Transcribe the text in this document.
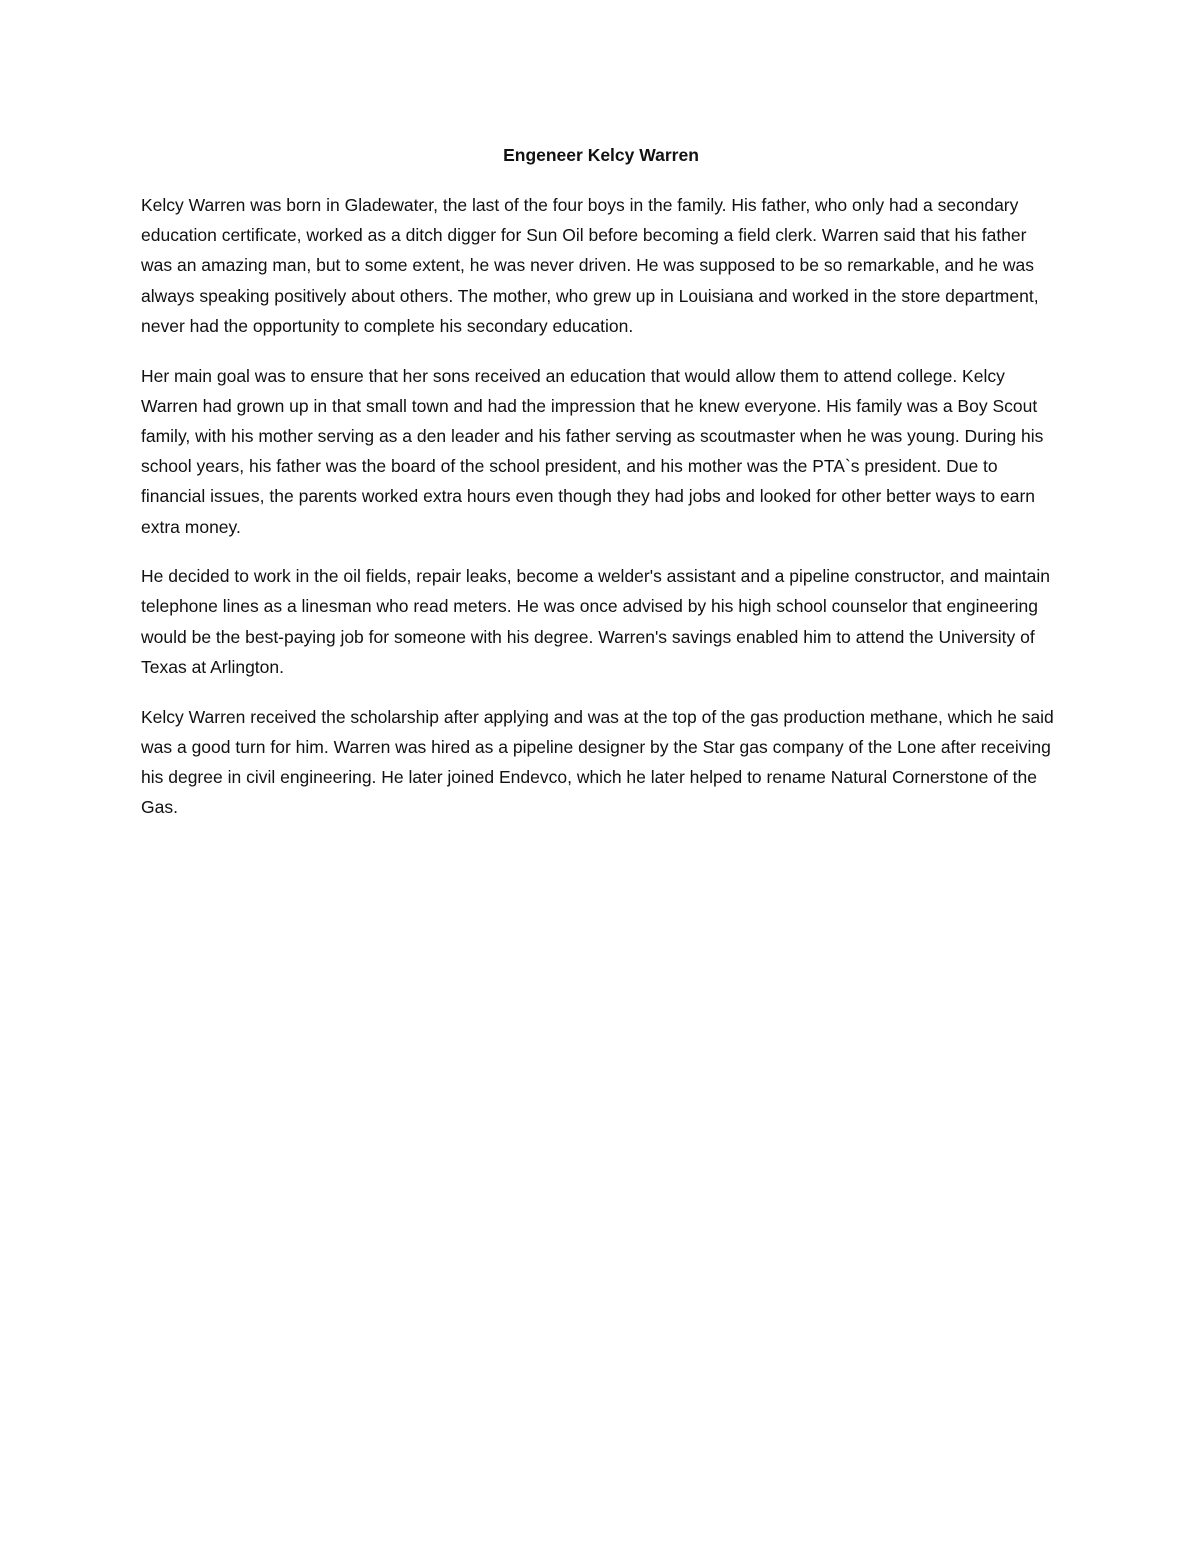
Engeneer Kelcy Warren

Kelcy Warren was born in Gladewater, the last of the four boys in the family. His father, who only had a secondary education certificate, worked as a ditch digger for Sun Oil before becoming a field clerk. Warren said that his father was an amazing man, but to some extent, he was never driven. He was supposed to be so remarkable, and he was always speaking positively about others. The mother, who grew up in Louisiana and worked in the store department, never had the opportunity to complete his secondary education.

Her main goal was to ensure that her sons received an education that would allow them to attend college. Kelcy Warren had grown up in that small town and had the impression that he knew everyone. His family was a Boy Scout family, with his mother serving as a den leader and his father serving as scoutmaster when he was young. During his school years, his father was the board of the school president, and his mother was the PTA`s president. Due to financial issues, the parents worked extra hours even though they had jobs and looked for other better ways to earn extra money.

He decided to work in the oil fields, repair leaks, become a welder's assistant and a pipeline constructor, and maintain telephone lines as a linesman who read meters. He was once advised by his high school counselor that engineering would be the best-paying job for someone with his degree. Warren's savings enabled him to attend the University of Texas at Arlington.

Kelcy Warren received the scholarship after applying and was at the top of the gas production methane, which he said was a good turn for him. Warren was hired as a pipeline designer by the Star gas company of the Lone after receiving his degree in civil engineering. He later joined Endevco, which he later helped to rename Natural Cornerstone of the Gas.
